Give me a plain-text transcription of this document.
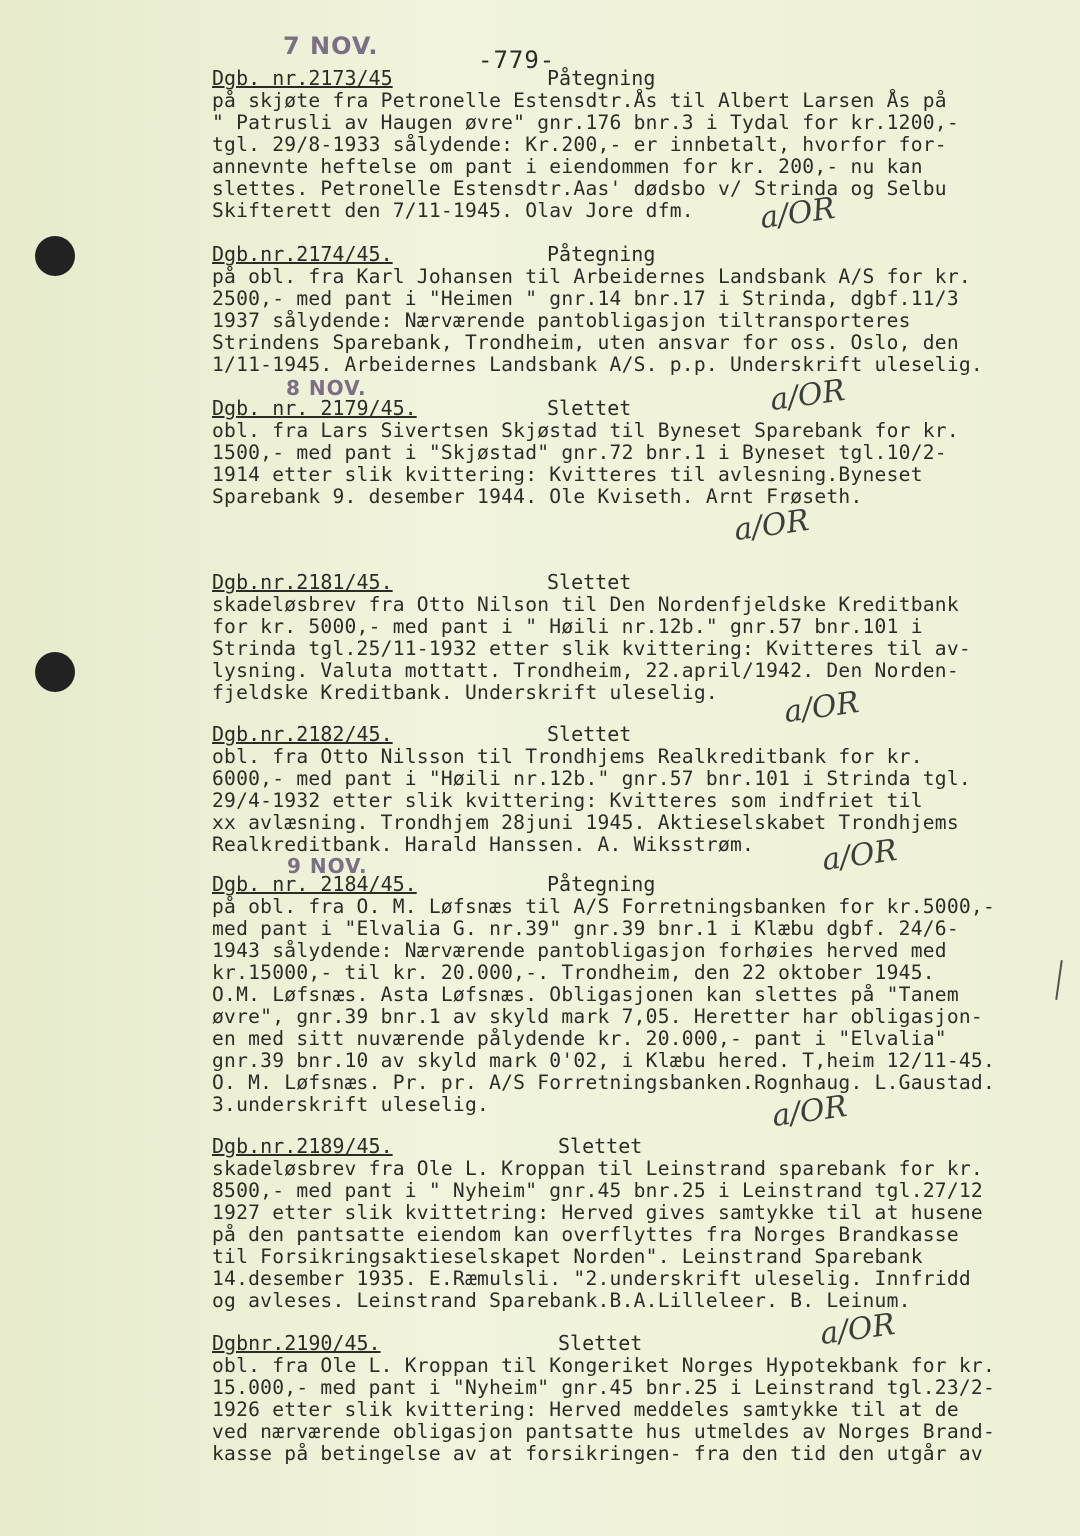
7 NOV.	-779-
Dgb. nr.2173/45	Påtegning
på skjøte fra Petronelle Estensdtr.Ås til Albert Larsen Ås på
" Patrusli av Haugen øvre" gnr.176 bnr.3 i Tydal for kr.1200,-
tgl. 29/8-1933 sålydende: Kr.200,- er innbetalt, hvorfor for-
annevnte heftelse om pant i eiendommen for kr. 200,- nu kan
slettes. Petronelle Estensdtr.Aas' dødsbo v/ Strinda og Selbu
Skifterett den 7/11-1945. Olav Jore dfm.	a/OR
Dgb.nr.2174/45.	Påtegning
på obl. fra Karl Johansen til Arbeidernes Landsbank A/S for kr.
2500,- med pant i "Heimen " gnr.14 bnr.17 i Strinda, dgbf.11/3
1937 sålydende: Nærværende pantobligasjon tiltransporteres
Strindens Sparebank, Trondheim, uten ansvar for oss. Oslo, den
1/11-1945. Arbeidernes Landsbank A/S. p.p. Underskrift uleselig.
8 NOV.	a/OR
Dgb. nr. 2179/45.	Slettet
obl. fra Lars Sivertsen Skjøstad til Byneset Sparebank for kr.
1500,- med pant i "Skjøstad" gnr.72 bnr.1 i Byneset tgl.10/2-
1914 etter slik kvittering: Kvitteres til avlesning.Byneset
Sparebank 9. desember 1944. Ole Kviseth. Arnt Frøseth.
a/OR
Dgb.nr.2181/45.	Slettet
skadeløsbrev fra Otto Nilson til Den Nordenfjeldske Kreditbank
for kr. 5000,- med pant i " Høili nr.12b." gnr.57 bnr.101 i
Strinda tgl.25/11-1932 etter slik kvittering: Kvitteres til av-
lysning. Valuta mottatt. Trondheim, 22.april/1942. Den Norden-
fjeldske Kreditbank. Underskrift uleselig.	a/OR
Dgb.nr.2182/45.	Slettet
obl. fra Otto Nilsson til Trondhjems Realkreditbank for kr.
6000,- med pant i "Høili nr.12b." gnr.57 bnr.101 i Strinda tgl.
29/4-1932 etter slik kvittering: Kvitteres som indfriet til
xx avlæsning. Trondhjem 28juni 1945. Aktieselskabet Trondhjems
Realkreditbank. Harald Hanssen. A. Wiksstrøm.
9 NOV.	a/OR
Dgb. nr. 2184/45.	Påtegning
på obl. fra O. M. Løfsnæs til A/S Forretningsbanken for kr.5000,-
med pant i "Elvalia G. nr.39" gnr.39 bnr.1 i Klæbu dgbf. 24/6-
1943 sålydende: Nærværende pantobligasjon forhøies herved med
kr.15000,- til kr. 20.000,-. Trondheim, den 22 oktober 1945.
O.M. Løfsnæs. Asta Løfsnæs. Obligasjonen kan slettes på "Tanem
øvre", gnr.39 bnr.1 av skyld mark 7,05. Heretter har obligasjon-
en med sitt nuværende pålydende kr. 20.000,- pant i "Elvalia"
gnr.39 bnr.10 av skyld mark 0'02, i Klæbu hered. T,heim 12/11-45.
O. M. Løfsnæs. Pr. pr. A/S Forretningsbanken.Rognhaug. L.Gaustad.
3.underskrift uleselig.	a/OR
Dgb.nr.2189/45.	Slettet
skadeløsbrev fra Ole L. Kroppan til Leinstrand sparebank for kr.
8500,- med pant i " Nyheim" gnr.45 bnr.25 i Leinstrand tgl.27/12
1927 etter slik kvittetring: Herved gives samtykke til at husene
på den pantsatte eiendom kan overflyttes fra Norges Brandkasse
til Forsikringsaktieselskapet Norden". Leinstrand Sparebank
14.desember 1935. E.Ræmulsli. "2.underskrift uleselig. Innfridd
og avleses. Leinstrand Sparebank.B.A.Lilleleer. B. Leinum.
a/OR
Dgbnr.2190/45.	Slettet
obl. fra Ole L. Kroppan til Kongeriket Norges Hypotekbank for kr.
15.000,- med pant i "Nyheim" gnr.45 bnr.25 i Leinstrand tgl.23/2-
1926 etter slik kvittering: Herved meddeles samtykke til at de
ved nærværende obligasjon pantsatte hus utmeldes av Norges Brand-
kasse på betingelse av at forsikringen- fra den tid den utgår av
